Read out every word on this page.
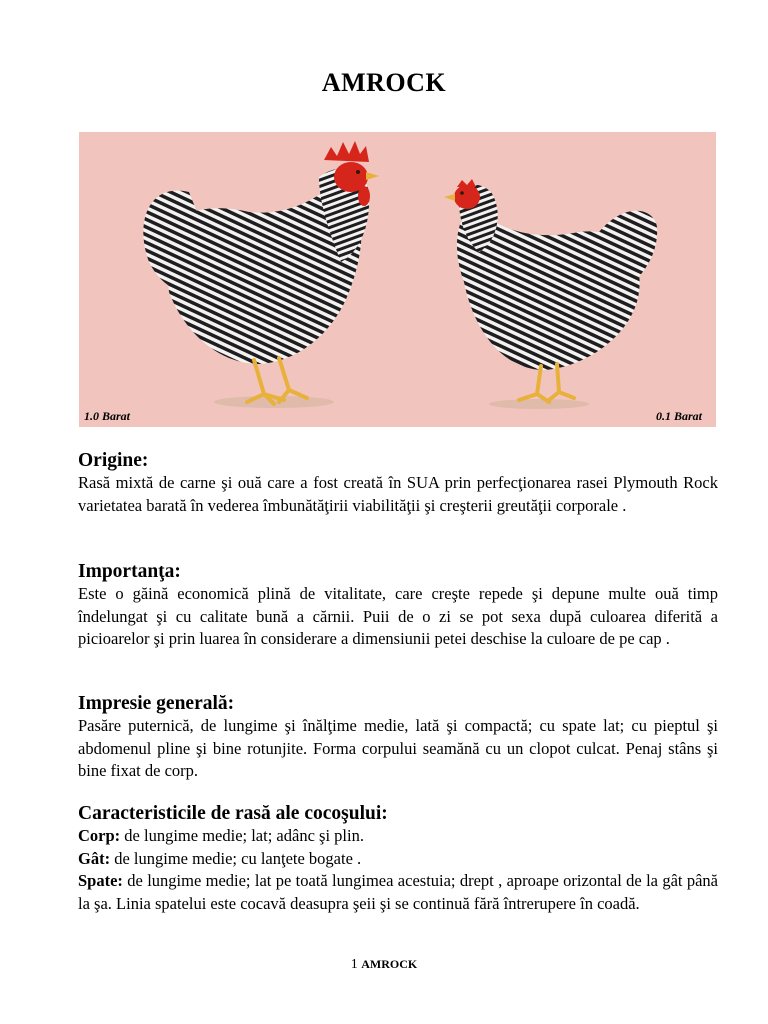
AMROCK
1.0 Barat	0.1 Barat
Origine:

Rasă mixtă de carne şi ouă care a fost creată în SUA prin perfecţionarea rasei Plymouth Rock varietatea barată în vederea îmbunătăţirii viabilităţii şi creşterii greutăţii corporale .

Importanţa:

Este o găină economică plină de vitalitate, care creşte repede şi depune multe ouă timp îndelungat şi cu calitate bună a cărnii. Puii de o zi se pot sexa după culoarea diferită a picioarelor şi prin luarea în considerare a dimensiunii petei deschise la culoare de pe cap .

Impresie generală:

Pasăre puternică, de lungime şi înălţime medie, lată şi compactă; cu spate lat; cu pieptul şi abdomenul pline şi bine rotunjite. Forma corpului seamănă cu un clopot culcat. Penaj stâns şi bine fixat de corp.

Caracteristicile de rasă ale cocoşului:

Corp: de lungime medie; lat; adânc şi plin.

Gât: de lungime medie; cu lanţete bogate .

Spate: de lungime medie; lat pe toată lungimea acestuia; drept , aproape orizontal de la gât până la şa. Linia spatelui este cocavă deasupra şeii şi se continuă fără întrerupere în coadă.

1 AMROCK
